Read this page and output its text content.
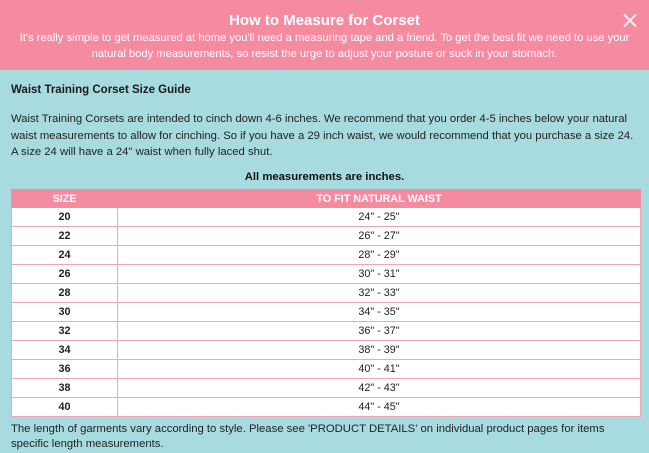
How to Measure for Corset
It's really simple to get measured at home you'll need a measuring tape and a friend. To get the best fit we need to use your natural body measurements, so resist the urge to adjust your posture or suck in your stomach.
Waist Training Corset Size Guide
Waist Training Corsets are intended to cinch down 4-6 inches. We recommend that you order 4-5 inches below your natural waist measurements to allow for cinching. So if you have a 29 inch waist, we would recommend that you purchase a size 24. A size 24 will have a 24" waist when fully laced shut.
All measurements are inches.
SIZE	TO FIT NATURAL WAIST
20	24" - 25"
22	26" - 27"
24	28" - 29"
26	30" - 31"
28	32" - 33"
30	34" - 35"
32	36" - 37"
34	38" - 39"
36	40" - 41"
38	42" - 43"
40	44" - 45"
The length of garments vary according to style. Please see 'PRODUCT DETAILS' on individual product pages for items specific length measurements.
